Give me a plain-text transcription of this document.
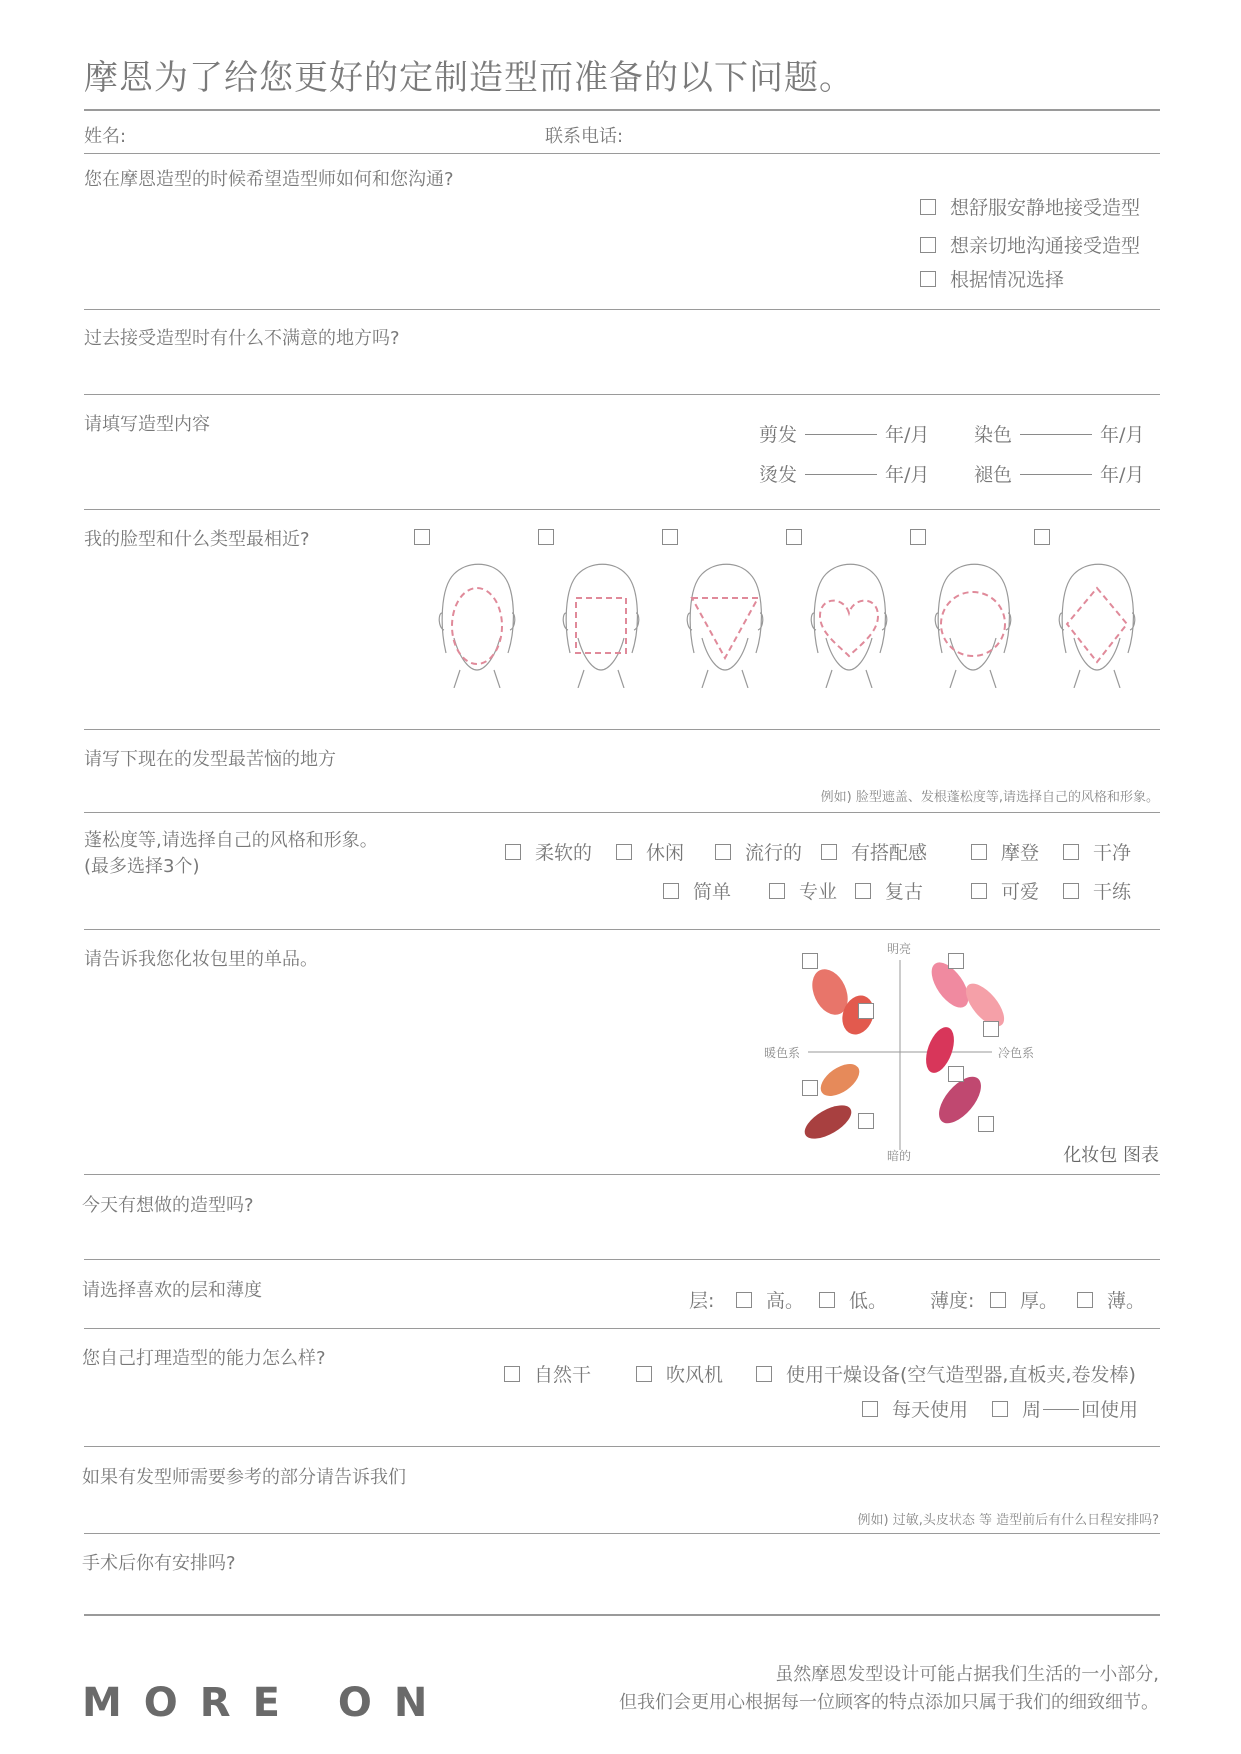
摩恩为了给您更好的定制造型而准备的以下问题。
姓名:	联系电话:
您在摩恩造型的时候希望造型师如何和您沟通?
想舒服安静地接受造型
想亲切地沟通接受造型
根据情况选择
过去接受造型时有什么不满意的地方吗?
请填写造型内容	剪发	年/月 染色	年/月
烫发	年/月 褪色	年/月
我的脸型和什么类型最相近?
请写下现在的发型最苦恼的地方
例如) 脸型遮盖、发根蓬松度等,请选择自己的风格和形象。
蓬松度等,请选择自己的风格和形象。
(最多选择3个)
柔软的	休闲	流行的	有搭配感	摩登	干净
简单	专业	复古	可爱	干练
请告诉我您化妆包里的单品。	明亮
暗的
暖色系	冷色系
化妆包 图表
今天有想做的造型吗?
请选择喜欢的层和薄度	层:	高。 低。 薄度: 厚。	薄。
您自己打理造型的能力怎么样?
自然干	吹风机	使用干燥设备(空气造型器,直板夹,卷发棒)
每天使用	周 回使用
如果有发型师需要参考的部分请告诉我们
例如) 过敏,头皮状态 等 造型前后有什么日程安排吗?
手术后你有安排吗?
MORE ON
虽然摩恩发型设计可能占据我们生活的一小部分,
但我们会更用心根据每一位顾客的特点添加只属于我们的细致细节。
